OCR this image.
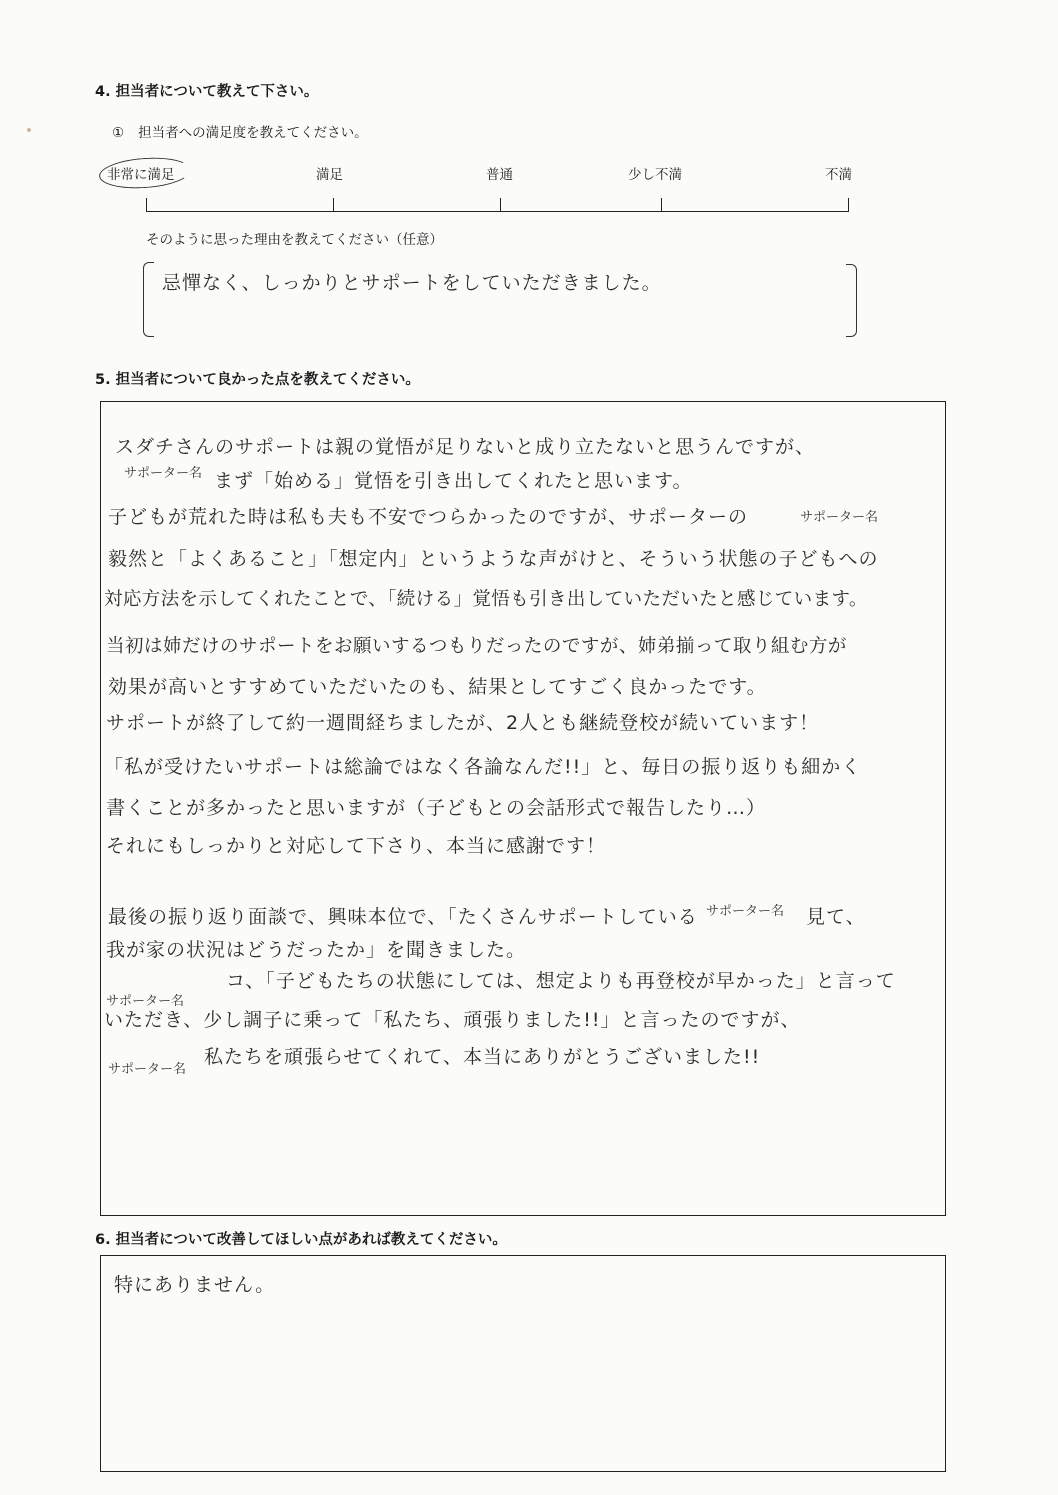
4. 担当者について教えて下さい。
① 担当者への満足度を教えてください。
非常に満足	満足	普通	少し不満	不満
そのように思った理由を教えてください（任意）
忌憚なく、しっかりとサポートをしていただきました。
5. 担当者について良かった点を教えてください。
スダチさんのサポートは親の覚悟が足りないと成り立たないと思うんですが、
サポーター名 まず「始める」覚悟を引き出してくれたと思います。
子どもが荒れた時は私も夫も不安でつらかったのですが、サポーターの	サポーター名
毅然と「よくあること」「想定内」というような声がけと、そういう状態の子どもへの
対応方法を示してくれたことで、「続ける」覚悟も引き出していただいたと感じています。
当初は姉だけのサポートをお願いするつもりだったのですが、姉弟揃って取り組む方が
効果が高いとすすめていただいたのも、結果としてすごく良かったです。
サポートが終了して約一週間経ちましたが、2人とも継続登校が続いています！
「私が受けたいサポートは総論ではなく各論なんだ!!」と、毎日の振り返りも細かく
書くことが多かったと思いますが（子どもとの会話形式で報告したり…）
それにもしっかりと対応して下さり、本当に感謝です！
最後の振り返り面談で、興味本位で、「たくさんサポートしている サポーター名 見て、
我が家の状況はどうだったか」を聞きました。
サポーター名
コ、「子どもたちの状態にしては、想定よりも再登校が早かった」と言って
いただき、少し調子に乗って「私たち、頑張りました!!」と言ったのですが、
サポーター名
私たちを頑張らせてくれて、本当にありがとうございました!!
6. 担当者について改善してほしい点があれば教えてください。
特にありません。
